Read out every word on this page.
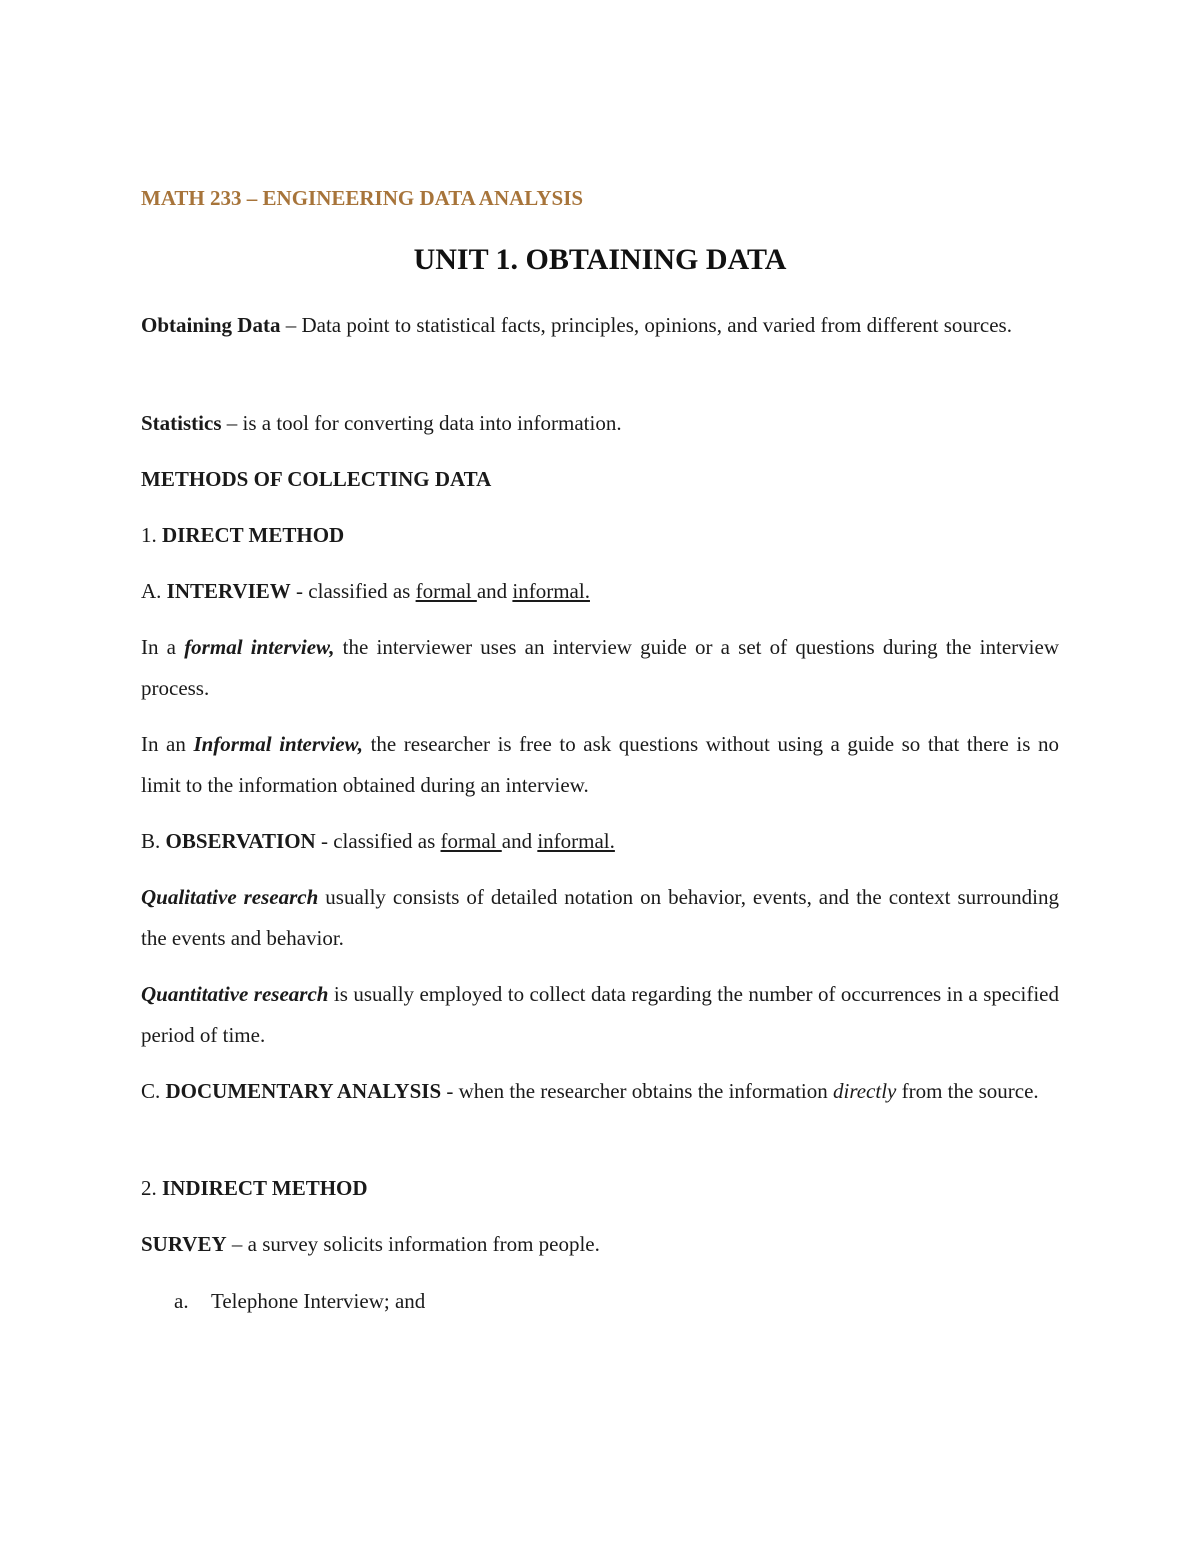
MATH 233 – ENGINEERING DATA ANALYSIS
UNIT 1. OBTAINING DATA
Obtaining Data – Data point to statistical facts, principles, opinions, and varied from different sources.
Statistics – is a tool for converting data into information.
METHODS OF COLLECTING DATA
1. DIRECT METHOD
A. INTERVIEW - classified as formal and informal.
In a formal interview, the interviewer uses an interview guide or a set of questions during the interview process.
In an Informal interview, the researcher is free to ask questions without using a guide so that there is no limit to the information obtained during an interview.
B. OBSERVATION - classified as formal and informal.
Qualitative research usually consists of detailed notation on behavior, events, and the context surrounding the events and behavior.
Quantitative research is usually employed to collect data regarding the number of occurrences in a specified period of time.
C. DOCUMENTARY ANALYSIS - when the researcher obtains the information directly from the source.
2. INDIRECT METHOD
SURVEY – a survey solicits information from people.
a. Telephone Interview; and
